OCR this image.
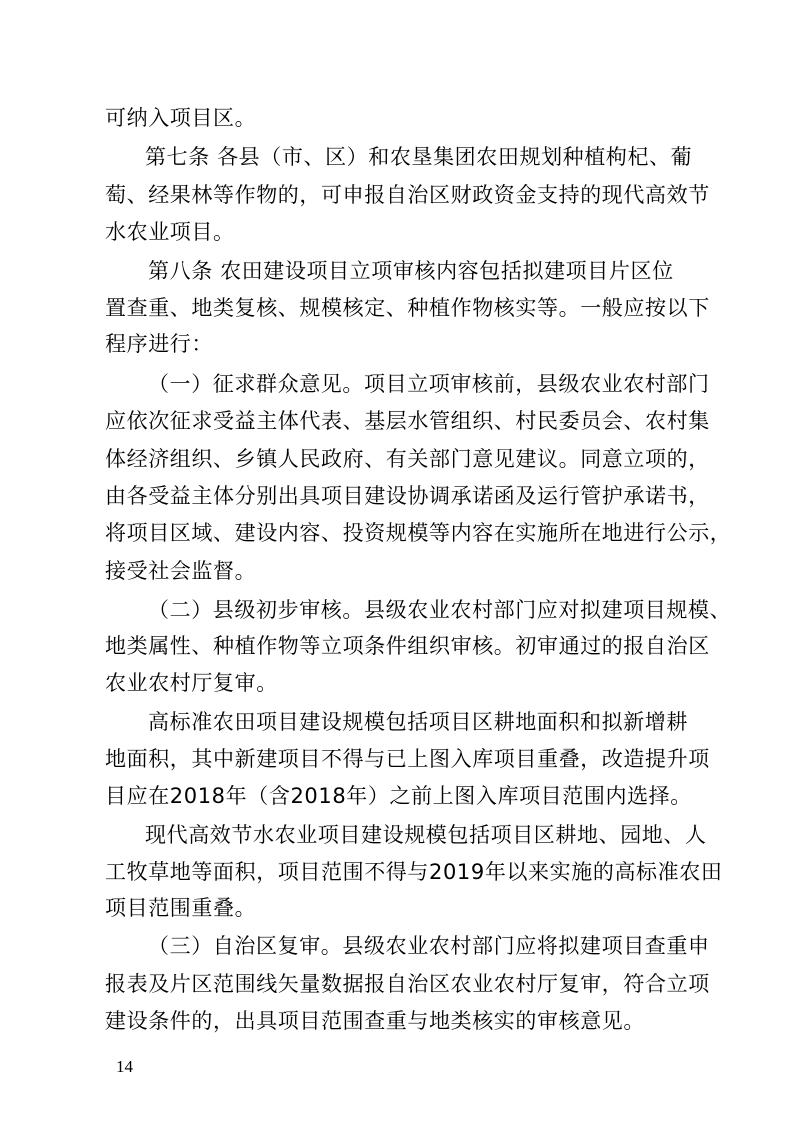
可纳入项目区。
第七条 各县（市、区）和农垦集团农田规划种植枸杞、葡
萄、经果林等作物的，可申报自治区财政资金支持的现代高效节
水农业项目。
第八条 农田建设项目立项审核内容包括拟建项目片区位
置查重、地类复核、规模核定、种植作物核实等。一般应按以下
程序进行：
（一）征求群众意见。项目立项审核前，县级农业农村部门
应依次征求受益主体代表、基层水管组织、村民委员会、农村集
体经济组织、乡镇人民政府、有关部门意见建议。同意立项的，
由各受益主体分别出具项目建设协调承诺函及运行管护承诺书，
将项目区域、建设内容、投资规模等内容在实施所在地进行公示，
接受社会监督。
（二）县级初步审核。县级农业农村部门应对拟建项目规模、
地类属性、种植作物等立项条件组织审核。初审通过的报自治区
农业农村厅复审。
高标准农田项目建设规模包括项目区耕地面积和拟新增耕
地面积，其中新建项目不得与已上图入库项目重叠，改造提升项
目应在2018年（含2018年）之前上图入库项目范围内选择。
现代高效节水农业项目建设规模包括项目区耕地、园地、人
工牧草地等面积，项目范围不得与2019年以来实施的高标准农田
项目范围重叠。
（三）自治区复审。县级农业农村部门应将拟建项目查重申
报表及片区范围线矢量数据报自治区农业农村厅复审，符合立项
建设条件的，出具项目范围查重与地类核实的审核意见。
14
